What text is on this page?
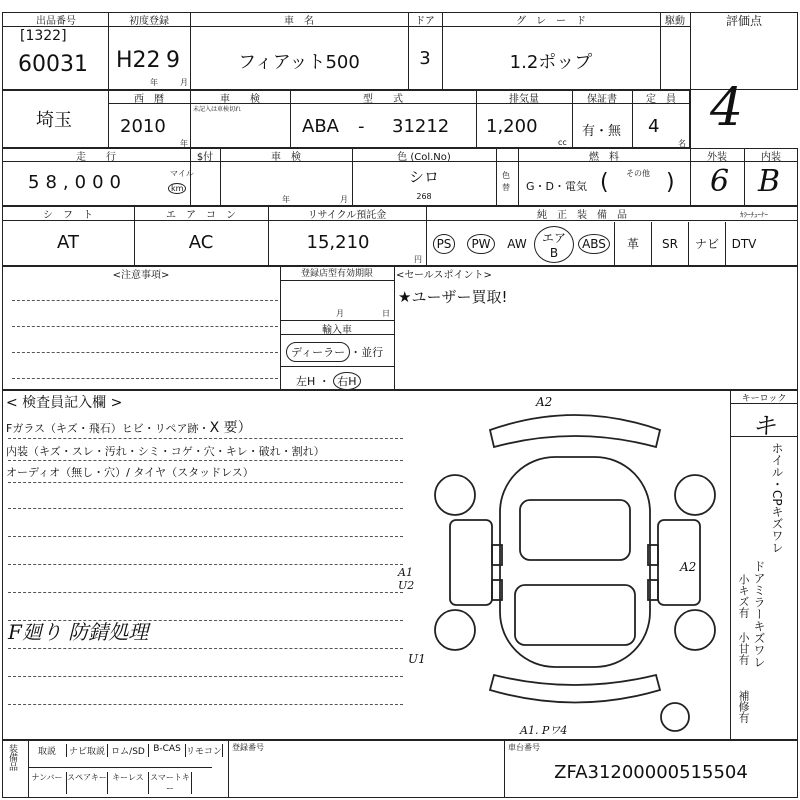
出品番号
[1322]
60031
初度登録
H22 9
年	月
車　名
フィアット500
ドア
3
グ　レ　ー　ド
1.2ポップ
駆動	評価点
4
埼玉
西　暦
2010
年
車　　検
未記入は車検切れ
型　　式
ABA - 31212
排気量
1,200
cc
保証書
有・無
定　員
4
名
走　　行
58,000	マイル
km
$付	車　検
年	月
色 (Col.No)
シロ
268
色替
燃　料
G・D・電気
その他
(	)
外装
6
内装
B
シ　フ　ト
AT
エ　ア　コ　ン
AC
リサイクル預託金
15,210
円
純　正　装　備　品	ｶﾗｰﾁｭｰﾅｰ
PS	PW	AW	エアB
ABS	革	SR	ナビ	DTV
<注意事項>	登録店型有効期限
月	日
輸入車
ディーラー ・並行
左H ・ 右H
<セールスポイント>
★ユーザー買取!
< 検査員記入欄 >
Fガラス（キズ・飛石）ヒビ・リペア跡・X 要）
内装（キズ・スレ・汚れ・シミ・コゲ・穴・キレ・破れ・割れ）
オーディオ（無し・穴）/ タイヤ（スタッドレス）
F廻り 防錆処理
A2
A2
A1 U2
U1
A1. Pワ4
キーロック
キ
ホイル・CPキズワレ
ドアミラーキズワレ
小キズ有
小甘有
補修有
装備品	取説	ナビ取説 ロム/SD B-CAS リモコン
ナンバー スペアキー キーレス スマートキー
登録番号	車台番号
ZFA31200000515504
